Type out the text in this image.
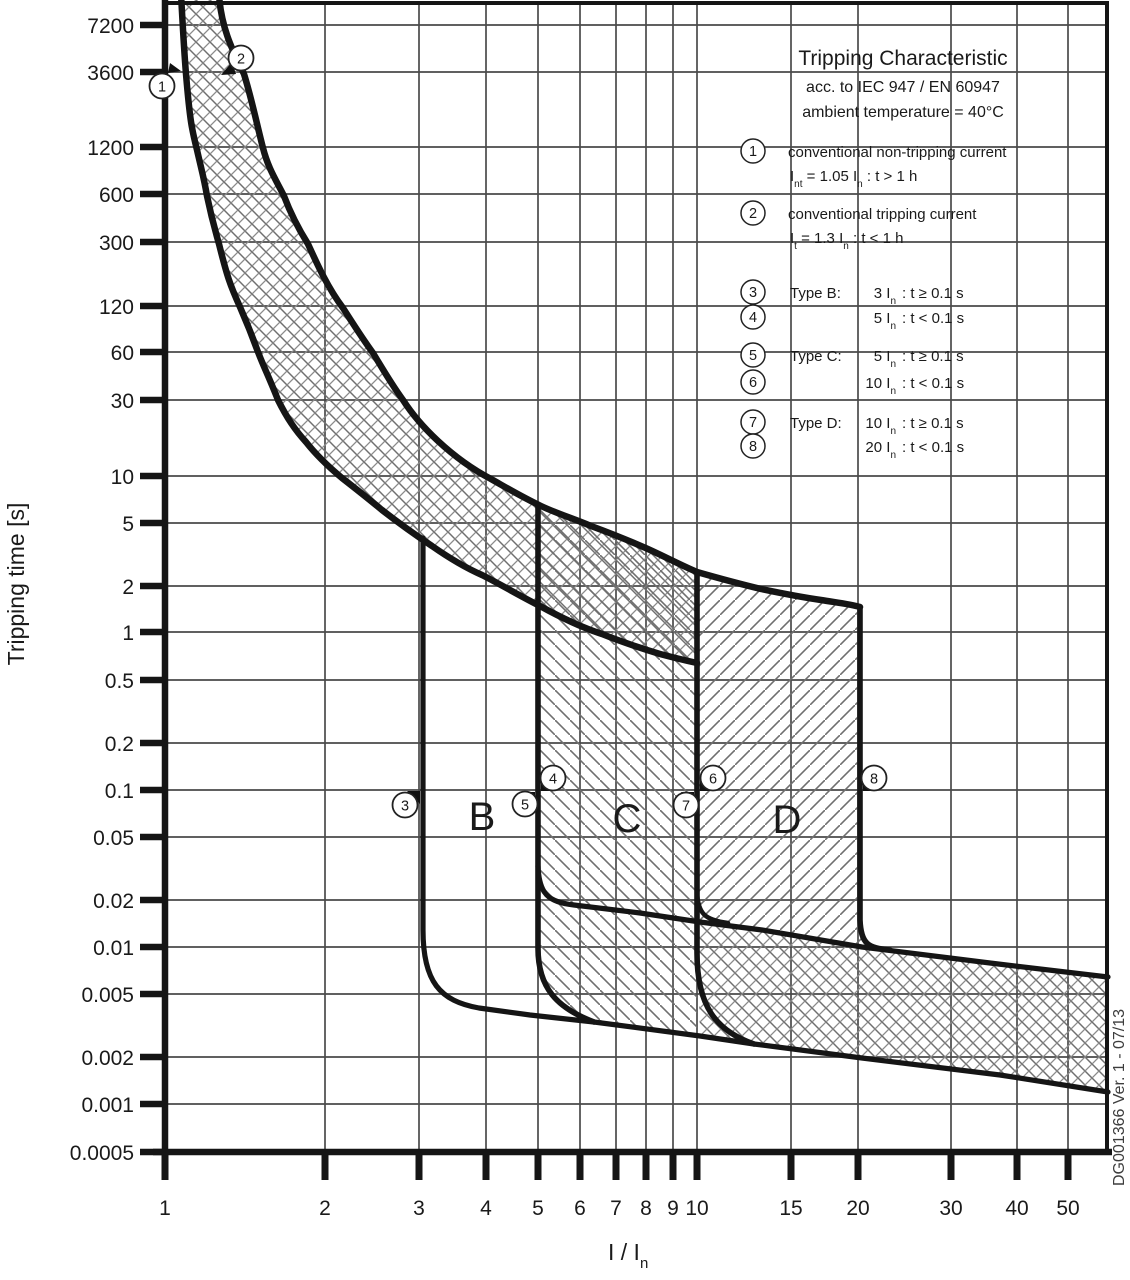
7200
3600
1200
600
300
120
60
30
10
5
2
1
0.5
0.2
0.1
0.05
0.02
0.01
0.005
0.002
0.001
0.0005
1	2	3	4 5 6 7 8 9 10	15 20	30 40 50
Tripping time [s]
I / $I_n$
B	C	D
1
2
3
4
5
6
7
8
Tripping Characteristic
acc. to IEC 947 / EN 60947
ambient temperature = 40°C
1 conventional non-tripping current
$I_{nt} = 1.05$ $I_n$ : t > 1 h
2 conventional tripping current
$I_t = 1.3$ $I_n$ : t < 1 h
3 Type B: 3 $I_n$ : t ≥ 0.1 s
4	5 $I_n$ : t < 0.1 s
5 Type C: 5 $I_n$ : t ≥ 0.1 s
6	10 $I_n$ : t < 0.1 s
7 Type D: 10 $I_n$ : t ≥ 0.1 s
8	20 $I_n$ : t < 0.1 s
DG001366 Ver. 1 - 07/13
